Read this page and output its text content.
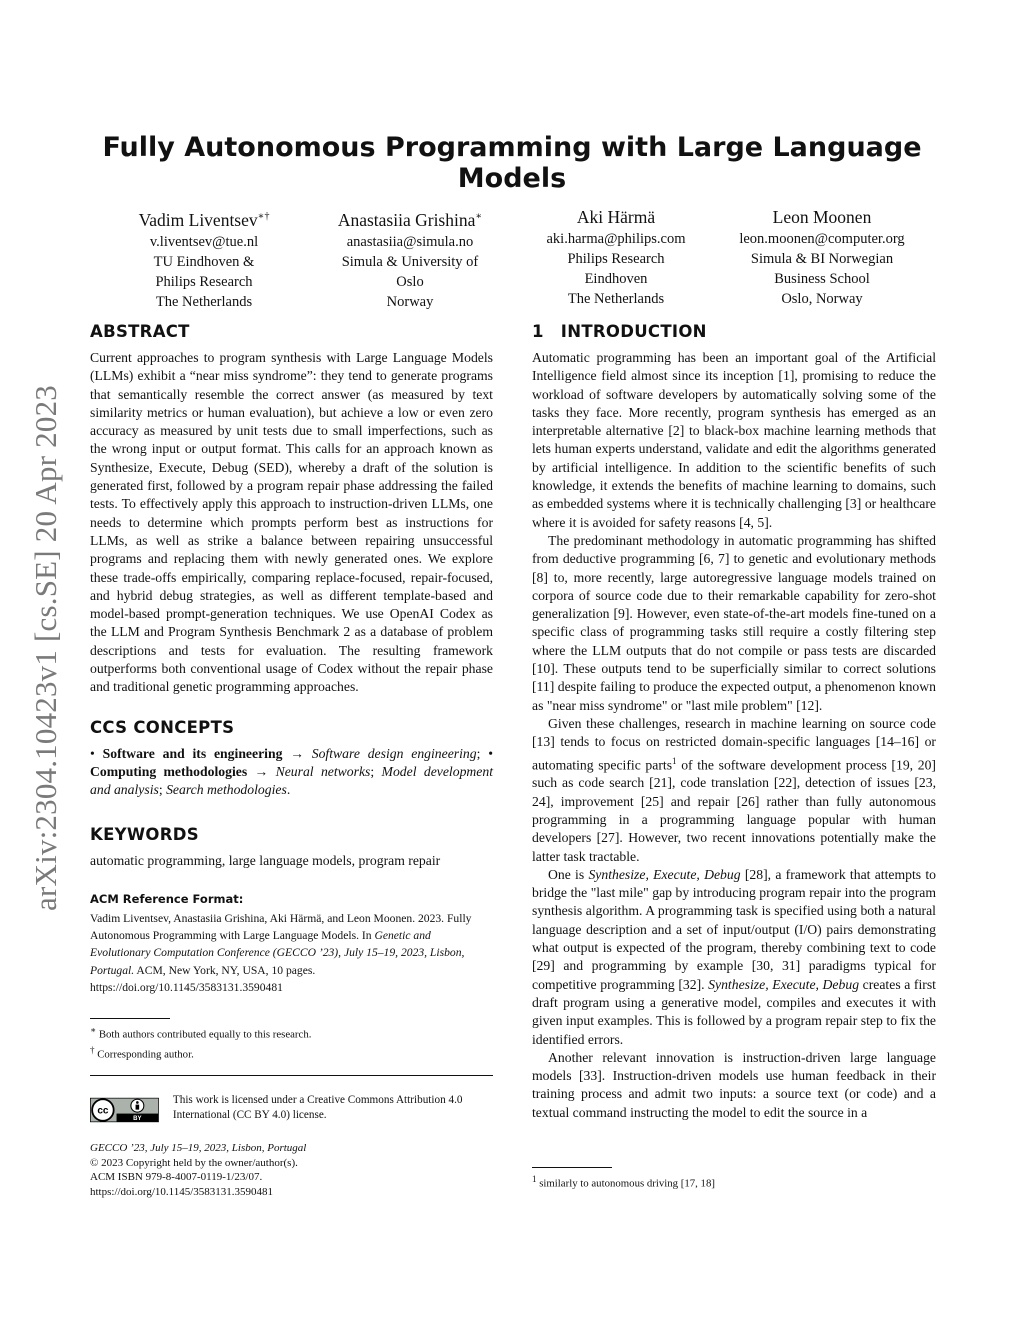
arXiv:2304.10423v1 [cs.SE] 20 Apr 2023
Fully Autonomous Programming with Large Language Models
Vadim Liventsev∗†
v.liventsev@tue.nl
TU Eindhoven &
Philips Research
The Netherlands
Anastasiia Grishina∗
anastasiia@simula.no
Simula & University of
Oslo
Norway
Aki Härmä
aki.harma@philips.com
Philips Research
Eindhoven
The Netherlands
Leon Moonen
leon.moonen@computer.org
Simula & BI Norwegian
Business School
Oslo, Norway
ABSTRACT

Current approaches to program synthesis with Large Language Models (LLMs) exhibit a “near miss syndrome”: they tend to generate programs that semantically resemble the correct answer (as measured by text similarity metrics or human evaluation), but achieve a low or even zero accuracy as measured by unit tests due to small imperfections, such as the wrong input or output format. This calls for an approach known as Synthesize, Execute, Debug (SED), whereby a draft of the solution is generated first, followed by a program repair phase addressing the failed tests. To effectively apply this approach to instruction-driven LLMs, one needs to determine which prompts perform best as instructions for LLMs, as well as strike a balance between repairing unsuccessful programs and replacing them with newly generated ones. We explore these trade-offs empirically, comparing replace-focused, repair-focused, and hybrid debug strategies, as well as different template-based and model-based prompt-generation techniques. We use OpenAI Codex as the LLM and Program Synthesis Benchmark 2 as a database of problem descriptions and tests for evaluation. The resulting framework outperforms both conventional usage of Codex without the repair phase and traditional genetic programming approaches.

CCS CONCEPTS

• Software and its engineering → Software design engineering; • Computing methodologies → Neural networks; Model development and analysis; Search methodologies.

KEYWORDS

automatic programming, large language models, program repair

ACM Reference Format:
Vadim Liventsev, Anastasiia Grishina, Aki Härmä, and Leon Moonen. 2023. Fully Autonomous Programming with Large Language Models. In Genetic and Evolutionary Computation Conference (GECCO ’23), July 15–19, 2023, Lisbon, Portugal. ACM, New York, NY, USA, 10 pages. https://doi.org/10.1145/3583131.3590481
∗ Both authors contributed equally to this research.
† Corresponding author.
cc
BY
This work is licensed under a Creative Commons Attribution 4.0 International (CC BY 4.0) license.
GECCO ’23, July 15–19, 2023, Lisbon, Portugal
© 2023 Copyright held by the owner/author(s).
ACM ISBN 979-8-4007-0119-1/23/07.
https://doi.org/10.1145/3583131.3590481
1 INTRODUCTION

Automatic programming has been an important goal of the Artificial Intelligence field almost since its inception [1], promising to reduce the workload of software developers by automatically solving some of the tasks they face. More recently, program synthesis has emerged as an interpretable alternative [2] to black-box machine learning methods that lets human experts understand, validate and edit the algorithms generated by artificial intelligence. In addition to the scientific benefits of such knowledge, it extends the benefits of machine learning to domains, such as embedded systems where it is technically challenging [3] or healthcare where it is avoided for safety reasons [4, 5].

The predominant methodology in automatic programming has shifted from deductive programming [6, 7] to genetic and evolutionary methods [8] to, more recently, large autoregressive language models trained on corpora of source code due to their remarkable capability for zero-shot generalization [9]. However, even state-of-the-art models fine-tuned on a specific class of programming tasks still require a costly filtering step where the LLM outputs that do not compile or pass tests are discarded [10]. These outputs tend to be superficially similar to correct solutions [11] despite failing to produce the expected output, a phenomenon known as "near miss syndrome" or "last mile problem" [12].

Given these challenges, research in machine learning on source code [13] tends to focus on restricted domain-specific languages [14–16] or automating specific parts$^1$ of the software development process [19, 20] such as code search [21], code translation [22], detection of issues [23, 24], improvement [25] and repair [26] rather than fully autonomous programming in a programming language popular with human developers [27]. However, two recent innovations potentially make the latter task tractable.

One is Synthesize, Execute, Debug [28], a framework that attempts to bridge the "last mile" gap by introducing program repair into the program synthesis algorithm. A programming task is specified using both a natural language description and a set of input/output (I/O) pairs demonstrating what output is expected of the program, thereby combining text to code [29] and programming by example [30, 31] paradigms typical for competitive programming [32]. Synthesize, Execute, Debug creates a first draft program using a generative model, compiles and executes it with given input examples. This is followed by a program repair step to fix the identified errors.

Another relevant innovation is instruction-driven large language models [33]. Instruction-driven models use human feedback in their training process and admit two inputs: a source text (or code) and a textual command instructing the model to edit the source in a

$^1$ similarly to autonomous driving [17, 18]
